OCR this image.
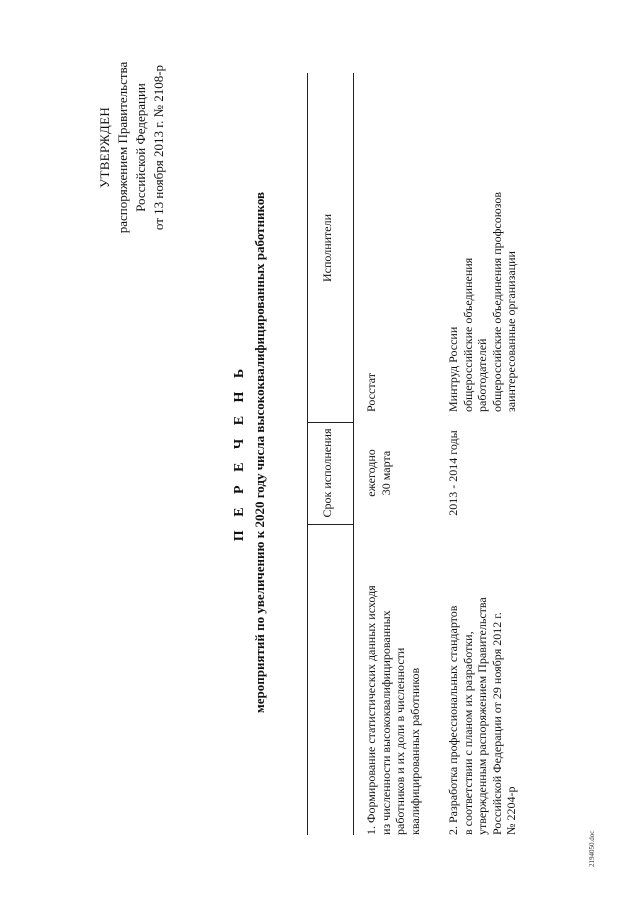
УТВЕРЖДЕН распоряжением Правительства Российской Федерации от 13 ноября 2013 г. № 2108-р
П Е Р Е Ч Е Н Ь мероприятий по увеличению к 2020 году числа высококвалифицированных работников	Срок исполнения
Исполнители
1. Формирование статистических данных исходя из численности высококвалифицированных работников и их доли в численности квалифицированных работников
ежегодно 30 марта
Росстат
2. Разработка профессиональных стандартов в соответствии с планом их разработки, утвержденным распоряжением Правительства Российской Федерации от 29 ноября 2012 г. № 2204-р
2013 - 2014 годы
Минтруд России общероссийские объединения работодателей общероссийские объединения профсоюзов заинтересованные организации
2194050.doc
